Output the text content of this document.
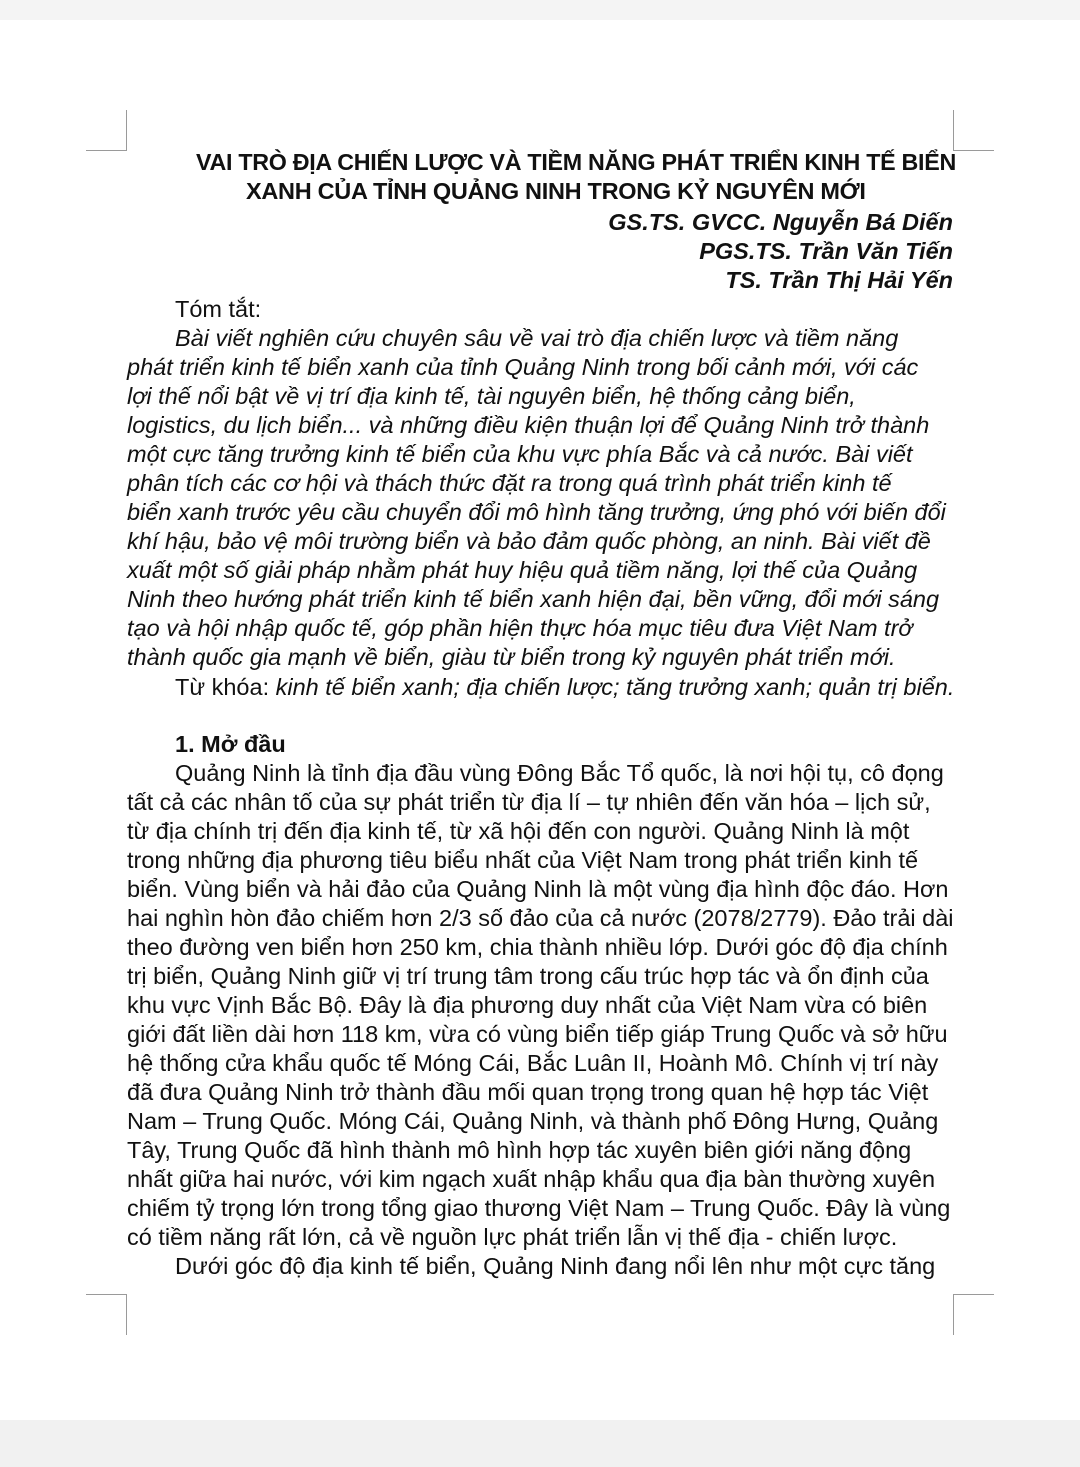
VAI TRÒ ĐỊA CHIẾN LƯỢC VÀ TIỀM NĂNG PHÁT TRIỂN KINH TẾ BIỂN
XANH CỦA TỈNH QUẢNG NINH TRONG KỶ NGUYÊN MỚI
GS.TS. GVCC. Nguyễn Bá Diến
PGS.TS. Trần Văn Tiến
TS. Trần Thị Hải Yến
Tóm tắt:
Bài viết nghiên cứu chuyên sâu về vai trò địa chiến lược và tiềm năng
phát triển kinh tế biển xanh của tỉnh Quảng Ninh trong bối cảnh mới, với các
lợi thế nổi bật về vị trí địa kinh tế, tài nguyên biển, hệ thống cảng biển,
logistics, du lịch biển... và những điều kiện thuận lợi để Quảng Ninh trở thành
một cực tăng trưởng kinh tế biển của khu vực phía Bắc và cả nước. Bài viết
phân tích các cơ hội và thách thức đặt ra trong quá trình phát triển kinh tế
biển xanh trước yêu cầu chuyển đổi mô hình tăng trưởng, ứng phó với biến đổi
khí hậu, bảo vệ môi trường biển và bảo đảm quốc phòng, an ninh. Bài viết đề
xuất một số giải pháp nhằm phát huy hiệu quả tiềm năng, lợi thế của Quảng
Ninh theo hướng phát triển kinh tế biển xanh hiện đại, bền vững, đổi mới sáng
tạo và hội nhập quốc tế, góp phần hiện thực hóa mục tiêu đưa Việt Nam trở
thành quốc gia mạnh về biển, giàu từ biển trong kỷ nguyên phát triển mới.
Từ khóa: kinh tế biển xanh; địa chiến lược; tăng trưởng xanh; quản trị biển.
1. Mở đầu
Quảng Ninh là tỉnh địa đầu vùng Đông Bắc Tổ quốc, là nơi hội tụ, cô đọng
tất cả các nhân tố của sự phát triển từ địa lí – tự nhiên đến văn hóa – lịch sử,
từ địa chính trị đến địa kinh tế, từ xã hội đến con người. Quảng Ninh là một
trong những địa phương tiêu biểu nhất của Việt Nam trong phát triển kinh tế
biển. Vùng biển và hải đảo của Quảng Ninh là một vùng địa hình độc đáo. Hơn
hai nghìn hòn đảo chiếm hơn 2/3 số đảo của cả nước (2078/2779). Đảo trải dài
theo đường ven biển hơn 250 km, chia thành nhiều lớp. Dưới góc độ địa chính
trị biển, Quảng Ninh giữ vị trí trung tâm trong cấu trúc hợp tác và ổn định của
khu vực Vịnh Bắc Bộ. Đây là địa phương duy nhất của Việt Nam vừa có biên
giới đất liền dài hơn 118 km, vừa có vùng biển tiếp giáp Trung Quốc và sở hữu
hệ thống cửa khẩu quốc tế Móng Cái, Bắc Luân II, Hoành Mô. Chính vị trí này
đã đưa Quảng Ninh trở thành đầu mối quan trọng trong quan hệ hợp tác Việt
Nam – Trung Quốc. Móng Cái, Quảng Ninh, và thành phố Đông Hưng, Quảng
Tây, Trung Quốc đã hình thành mô hình hợp tác xuyên biên giới năng động
nhất giữa hai nước, với kim ngạch xuất nhập khẩu qua địa bàn thường xuyên
chiếm tỷ trọng lớn trong tổng giao thương Việt Nam – Trung Quốc. Đây là vùng
có tiềm năng rất lớn, cả về nguồn lực phát triển lẫn vị thế địa - chiến lược.
Dưới góc độ địa kinh tế biển, Quảng Ninh đang nổi lên như một cực tăng
